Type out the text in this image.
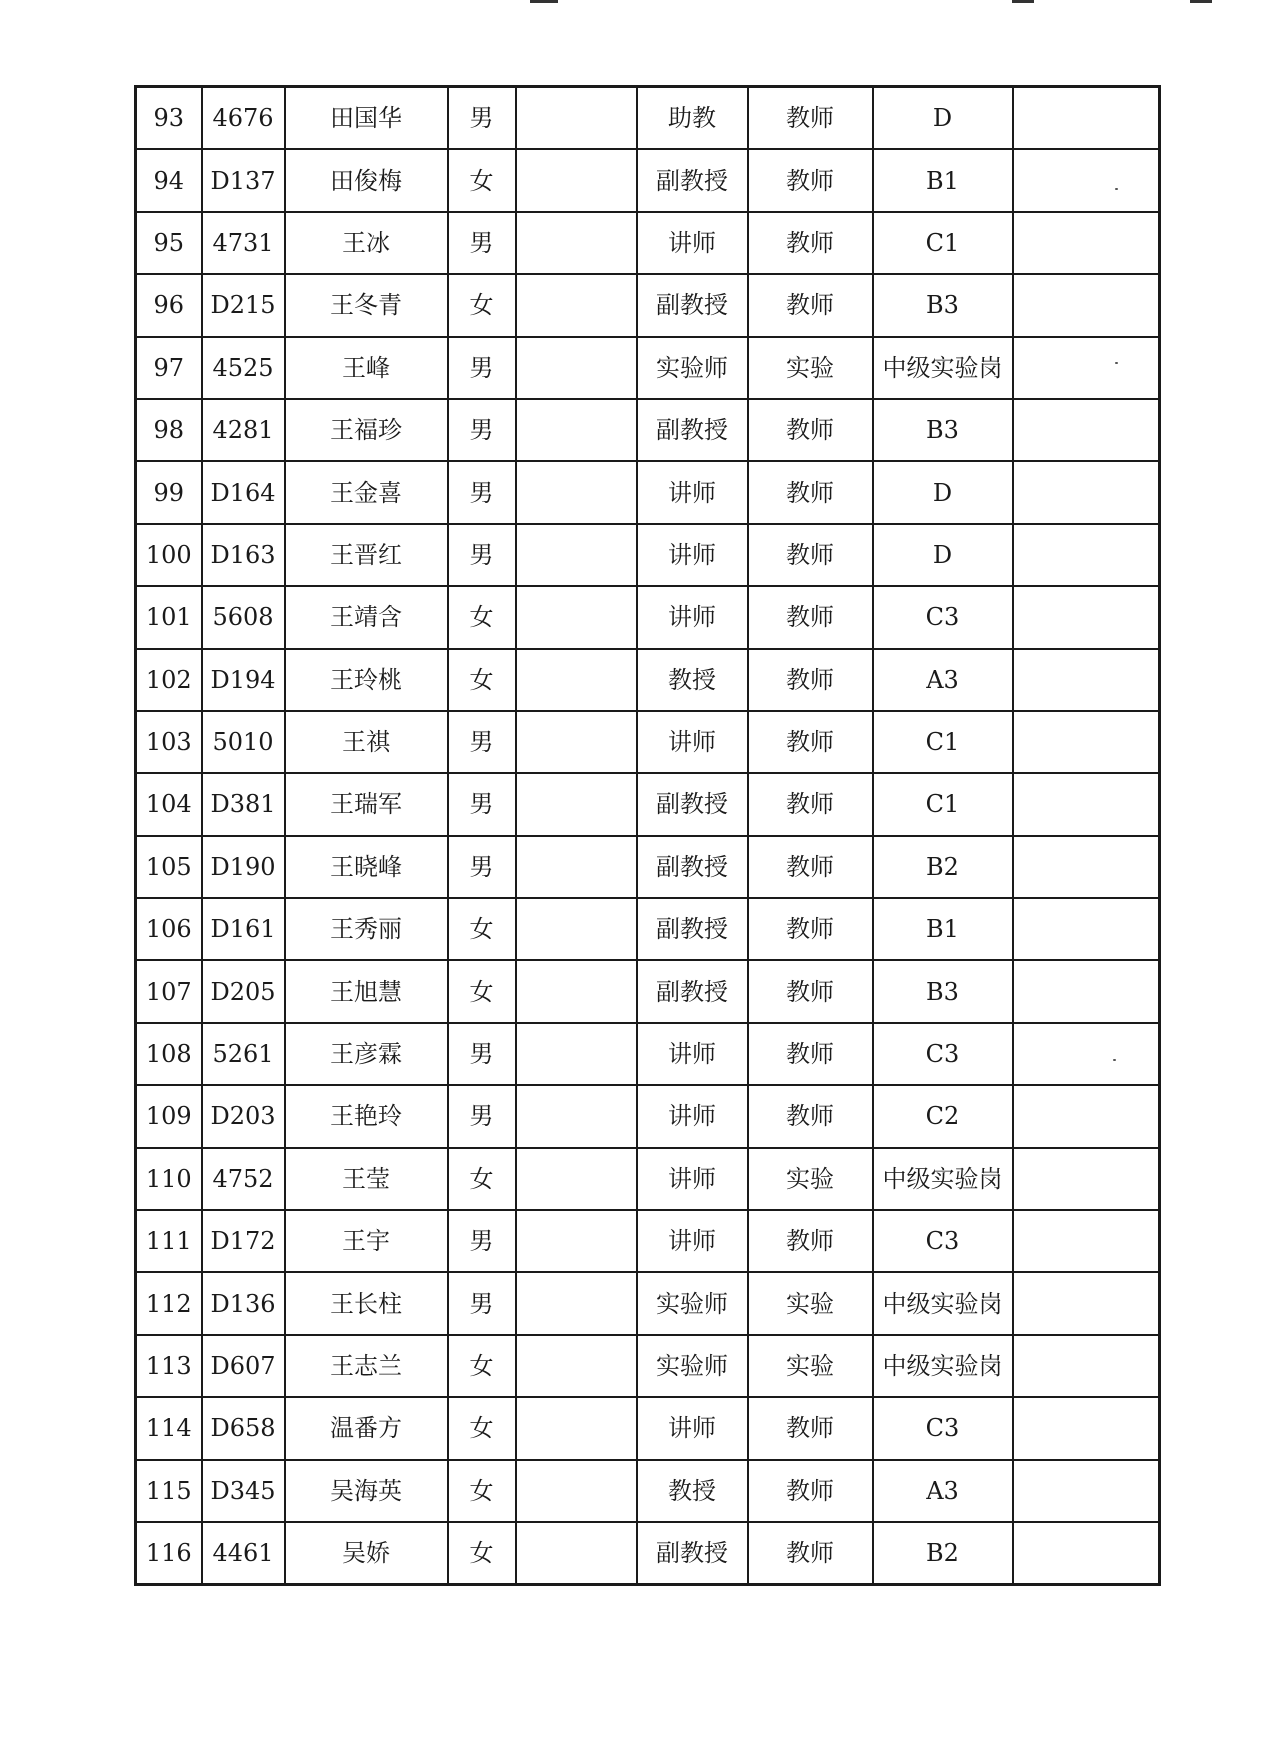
93	4676	田国华	男		助教	教师	D	
94	D137	田俊梅	女		副教授	教师	B1	
95	4731	王冰	男		讲师	教师	C1	
96	D215	王冬青	女		副教授	教师	B3	
97	4525	王峰	男		实验师	实验	中级实验岗	
98	4281	王福珍	男		副教授	教师	B3	
99	D164	王金喜	男		讲师	教师	D	
100	D163	王晋红	男		讲师	教师	D	
101	5608	王靖含	女		讲师	教师	C3	
102	D194	王玲桃	女		教授	教师	A3	
103	5010	王祺	男		讲师	教师	C1	
104	D381	王瑞军	男		副教授	教师	C1	
105	D190	王晓峰	男		副教授	教师	B2	
106	D161	王秀丽	女		副教授	教师	B1	
107	D205	王旭慧	女		副教授	教师	B3	
108	5261	王彦霖	男		讲师	教师	C3	
109	D203	王艳玲	男		讲师	教师	C2	
110	4752	王莹	女		讲师	实验	中级实验岗	
111	D172	王宇	男		讲师	教师	C3	
112	D136	王长柱	男		实验师	实验	中级实验岗	
113	D607	王志兰	女		实验师	实验	中级实验岗	
114	D658	温番方	女		讲师	教师	C3	
115	D345	吴海英	女		教授	教师	A3	
116	4461	吴娇	女		副教授	教师	B2	
